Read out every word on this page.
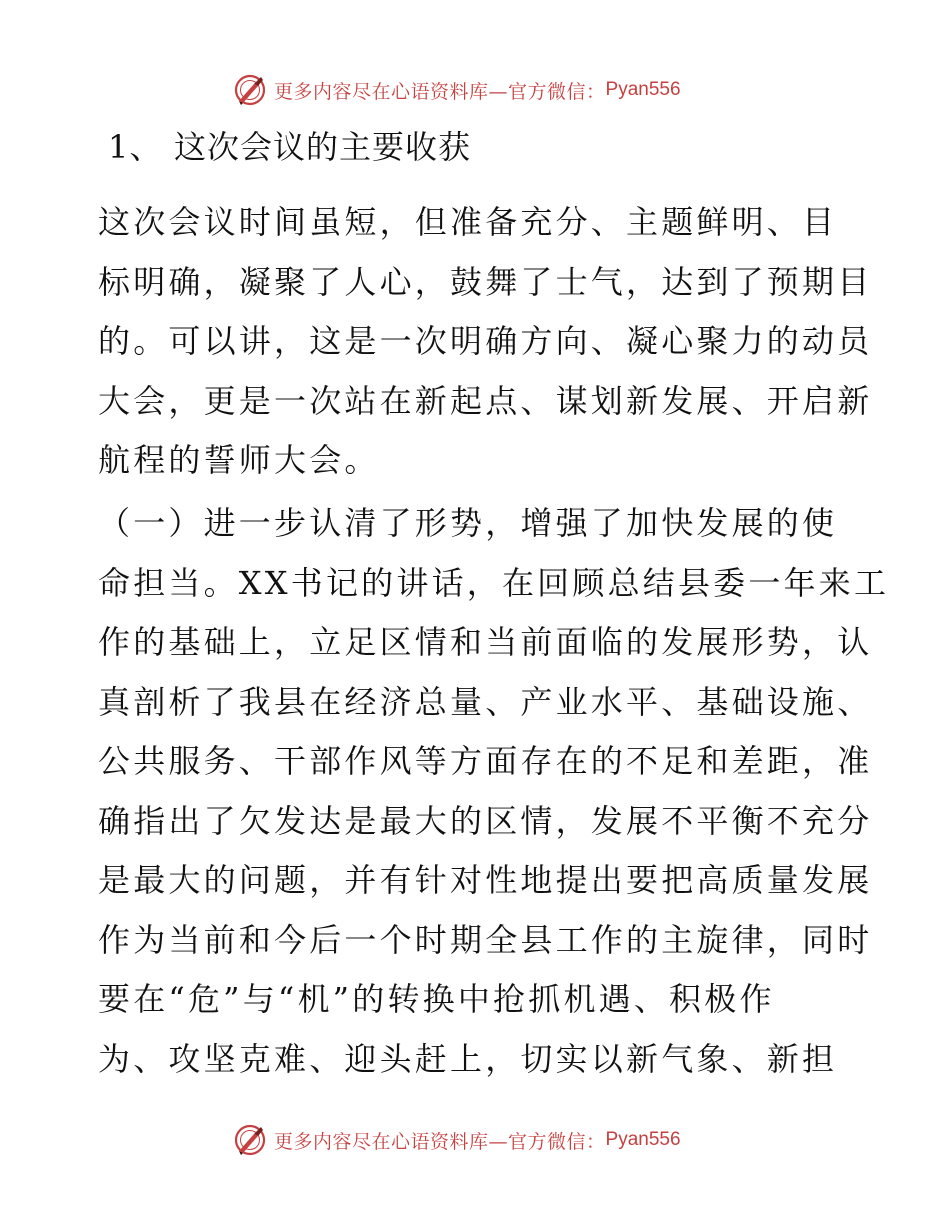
更多内容尽在心语资料库—官方微信： Pyan556
1、 这次会议的主要收获
这次会议时间虽短，但准备充分、主题鲜明、目
标明确，凝聚了人心，鼓舞了士气，达到了预期目
的。可以讲，这是一次明确方向、凝心聚力的动员
大会，更是一次站在新起点、谋划新发展、开启新
航程的誓师大会。
（一）进一步认清了形势，增强了加快发展的使
命担当。XX书记的讲话，在回顾总结县委一年来工
作的基础上，立足区情和当前面临的发展形势，认
真剖析了我县在经济总量、产业水平、基础设施、
公共服务、干部作风等方面存在的不足和差距，准
确指出了欠发达是最大的区情，发展不平衡不充分
是最大的问题，并有针对性地提出要把高质量发展
作为当前和今后一个时期全县工作的主旋律，同时
要在“危”与“机”的转换中抢抓机遇、积极作
为、攻坚克难、迎头赶上，切实以新气象、新担
更多内容尽在心语资料库—官方微信： Pyan556
